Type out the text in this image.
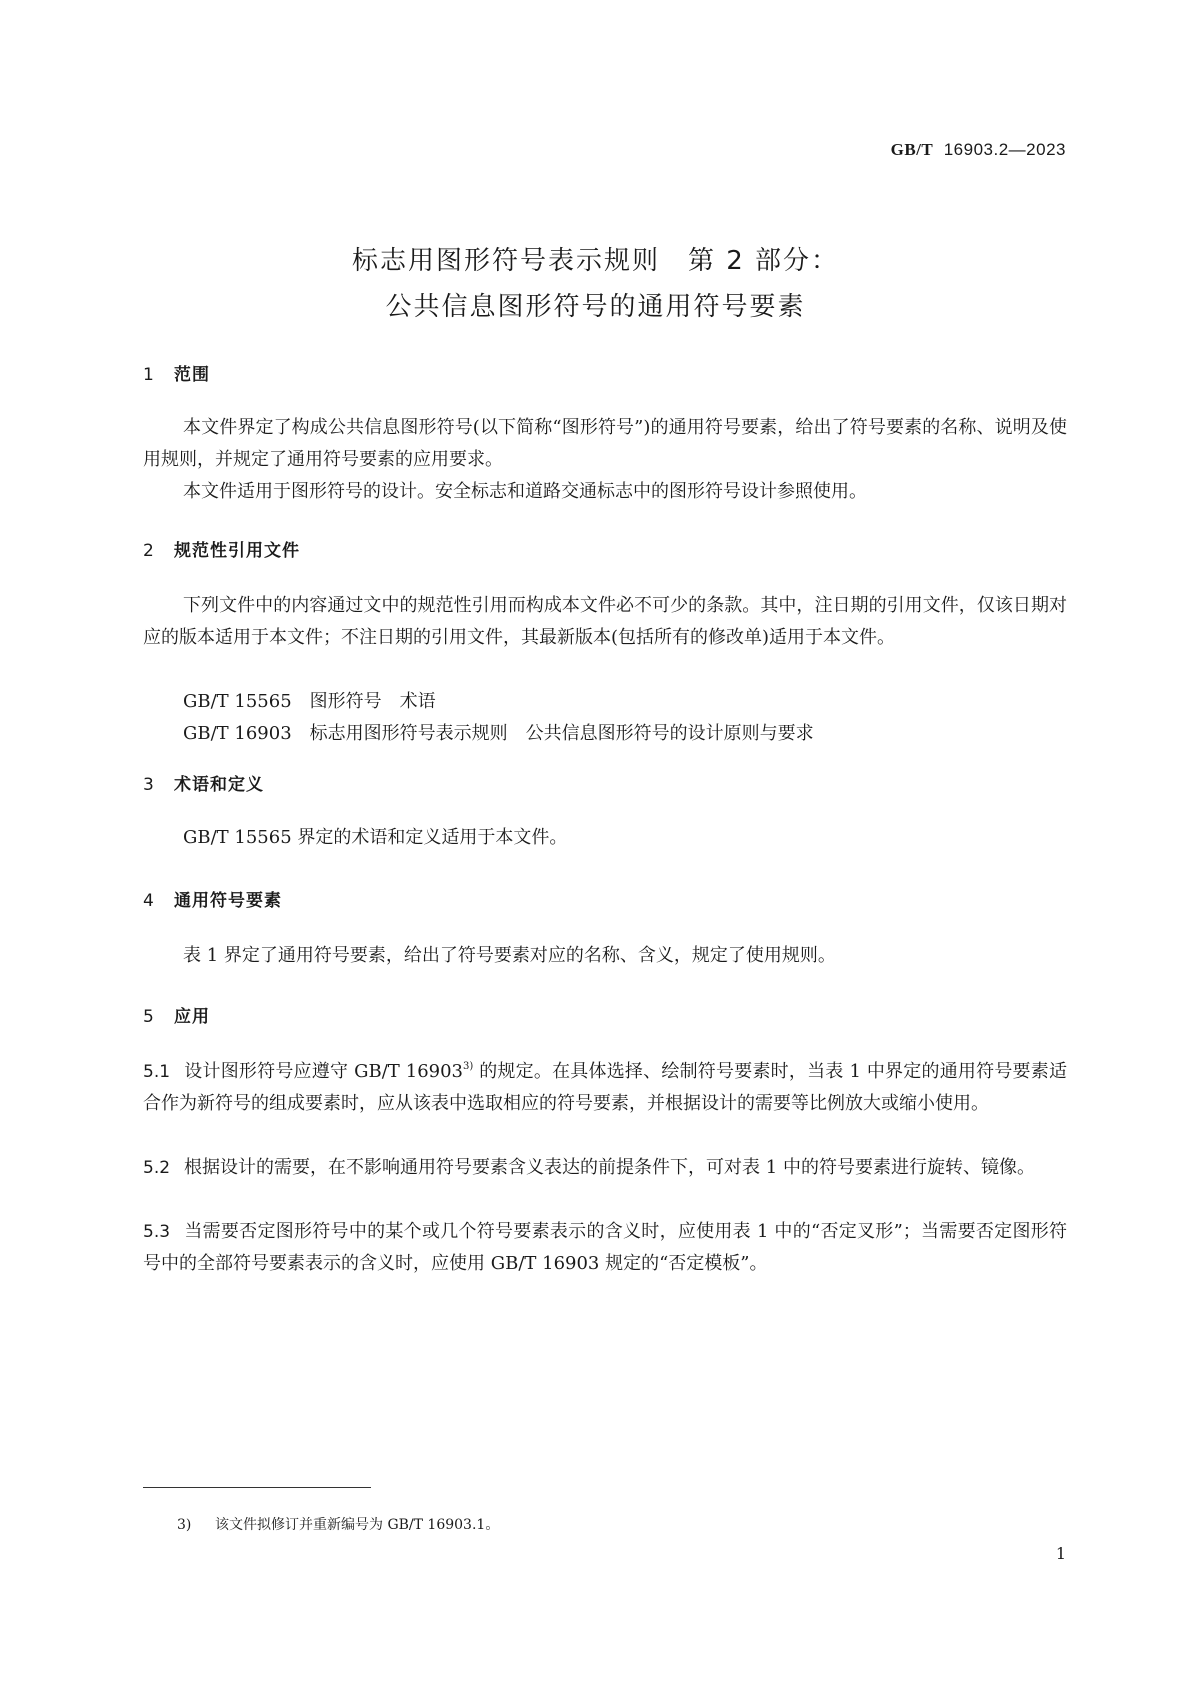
GB/T 16903.2—2023
标志用图形符号表示规则　第 2 部分：
公共信息图形符号的通用符号要素
1 范围
本文件界定了构成公共信息图形符号(以下简称“图形符号”)的通用符号要素，给出了符号要素的名称、说明及使用规则，并规定了通用符号要素的应用要求。
本文件适用于图形符号的设计。安全标志和道路交通标志中的图形符号设计参照使用。
2 规范性引用文件
下列文件中的内容通过文中的规范性引用而构成本文件必不可少的条款。其中，注日期的引用文件，仅该日期对应的版本适用于本文件；不注日期的引用文件，其最新版本(包括所有的修改单)适用于本文件。
GB/T 15565　图形符号　术语
GB/T 16903　标志用图形符号表示规则　公共信息图形符号的设计原则与要求
3 术语和定义
GB/T 15565 界定的术语和定义适用于本文件。
4 通用符号要素
表 1 界定了通用符号要素，给出了符号要素对应的名称、含义，规定了使用规则。
5 应用
5.1 设计图形符号应遵守 GB/T 16903$^{3)}$ 的规定。在具体选择、绘制符号要素时，当表 1 中界定的通用符号要素适合作为新符号的组成要素时，应从该表中选取相应的符号要素，并根据设计的需要等比例放大或缩小使用。
5.2 根据设计的需要，在不影响通用符号要素含义表达的前提条件下，可对表 1 中的符号要素进行旋转、镜像。
5.3 当需要否定图形符号中的某个或几个符号要素表示的含义时，应使用表 1 中的“否定叉形”；当需要否定图形符号中的全部符号要素表示的含义时，应使用 GB/T 16903 规定的“否定模板”。
3) 该文件拟修订并重新编号为 GB/T 16903.1。
1
